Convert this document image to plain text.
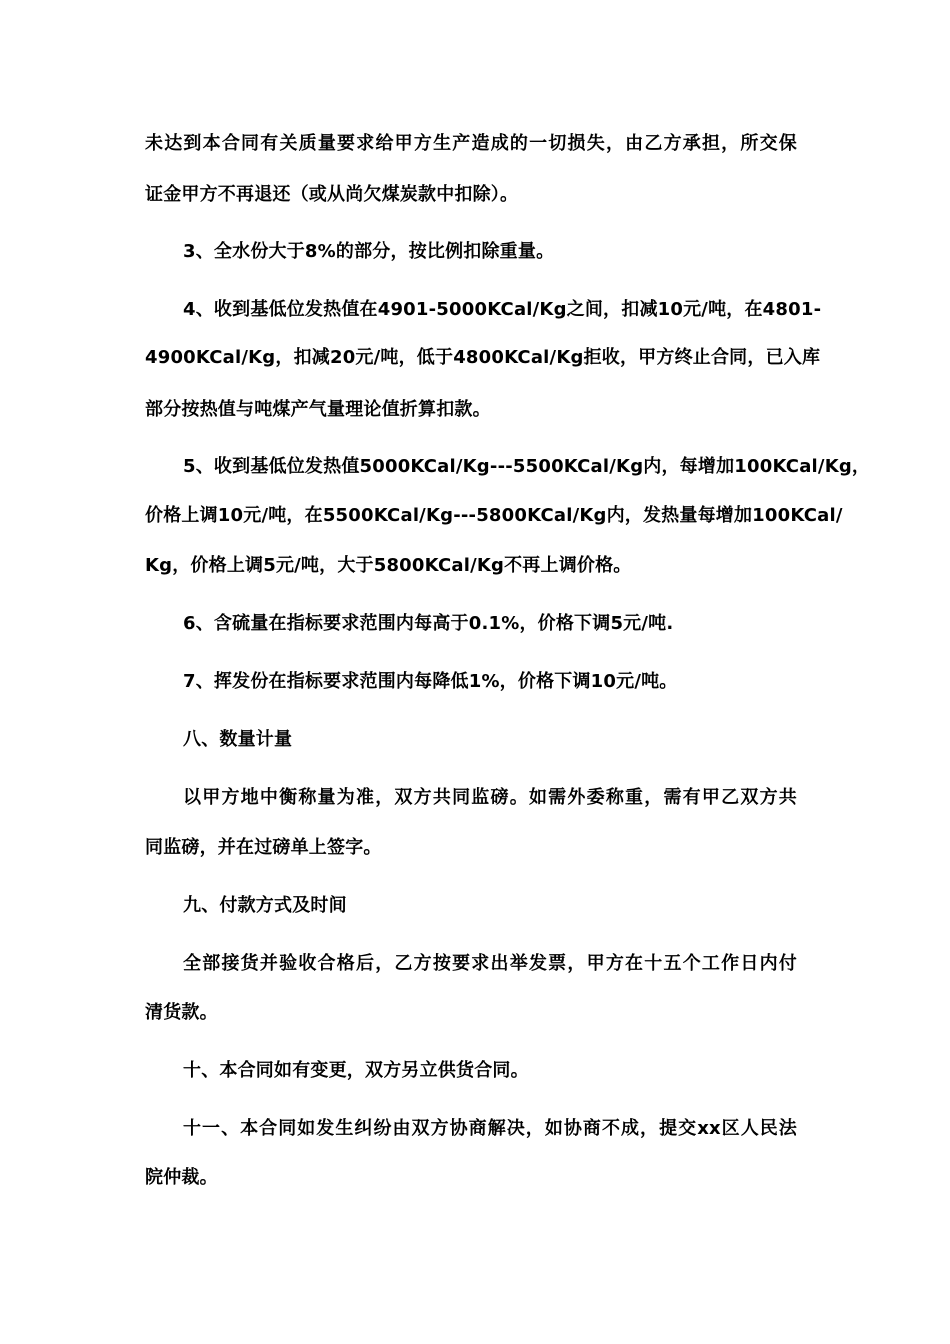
未达到本合同有关质量要求给甲方生产造成的一切损失，由乙方承担，所交保
证金甲方不再退还（或从尚欠煤炭款中扣除）。
3、全水份大于8%的部分，按比例扣除重量。
4、收到基低位发热值在4901-5000KCal/Kg之间，扣减10元/吨，在4801-
4900KCal/Kg，扣减20元/吨，低于4800KCal/Kg拒收，甲方终止合同，已入库
部分按热值与吨煤产气量理论值折算扣款。
5、收到基低位发热值5000KCal/Kg---5500KCal/Kg内，每增加100KCal/Kg，
价格上调10元/吨，在5500KCal/Kg---5800KCal/Kg内，发热量每增加100KCal/
Kg，价格上调5元/吨，大于5800KCal/Kg不再上调价格。
6、含硫量在指标要求范围内每高于0.1%，价格下调5元/吨.
7、挥发份在指标要求范围内每降低1%，价格下调10元/吨。
八、数量计量
以甲方地中衡称量为准，双方共同监磅。如需外委称重，需有甲乙双方共
同监磅，并在过磅单上签字。
九、付款方式及时间
全部接货并验收合格后，乙方按要求出举发票，甲方在十五个工作日内付
清货款。
十、本合同如有变更，双方另立供货合同。
十一、本合同如发生纠纷由双方协商解决，如协商不成，提交xx区人民法
院仲裁。
